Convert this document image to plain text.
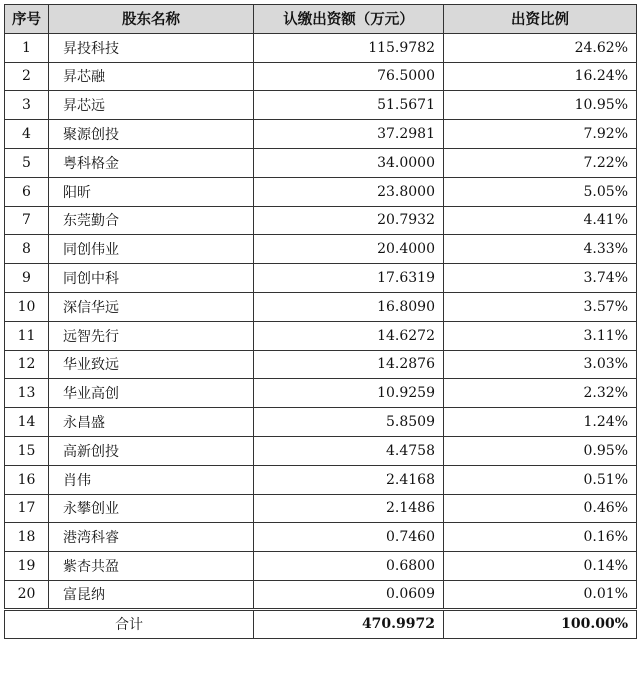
序号	股东名称	认缴出资额（万元）	出资比例
1	昇投科技	115.9782	24.62%
2	昇芯融	76.5000	16.24%
3	昇芯远	51.5671	10.95%
4	聚源创投	37.2981	7.92%
5	粤科格金	34.0000	7.22%
6	阳昕	23.8000	5.05%
7	东莞勤合	20.7932	4.41%
8	同创伟业	20.4000	4.33%
9	同创中科	17.6319	3.74%
10	深信华远	16.8090	3.57%
11	远智先行	14.6272	3.11%
12	华业致远	14.2876	3.03%
13	华业高创	10.9259	2.32%
14	永昌盛	5.8509	1.24%
15	高新创投	4.4758	0.95%
16	肖伟	2.4168	0.51%
17	永攀创业	2.1486	0.46%
18	港湾科睿	0.7460	0.16%
19	紫杏共盈	0.6800	0.14%
20	富昆纳	0.0609	0.01%
合计		470.9972	100.00%
